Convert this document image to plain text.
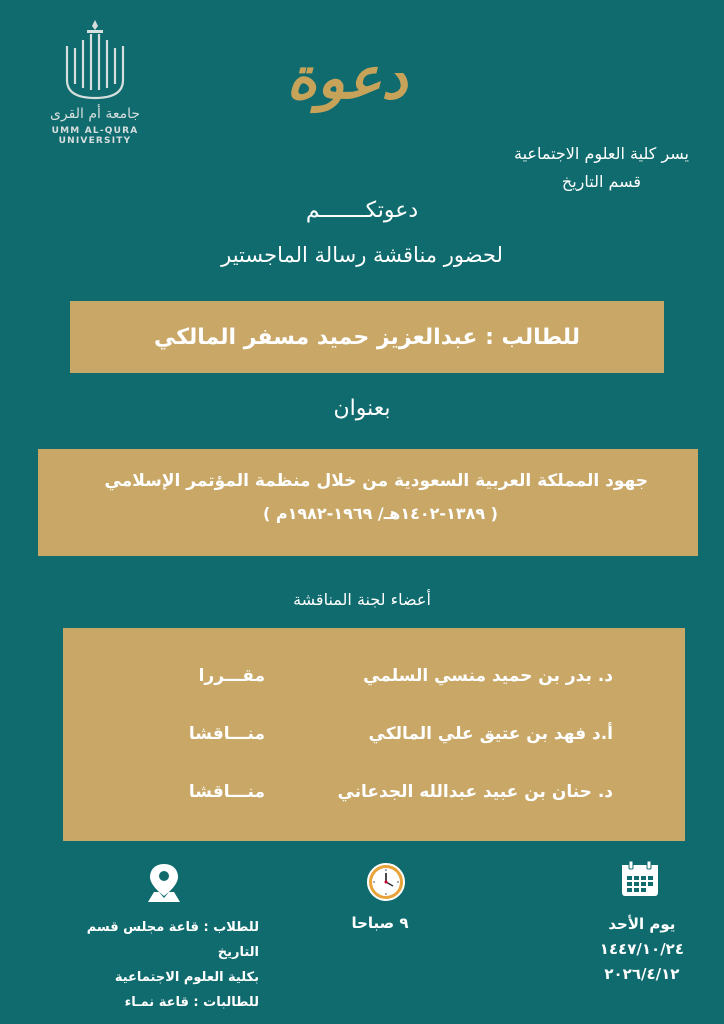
جامعة أم القرى
UMM AL-QURA UNIVERSITY
دعوة
يسر كلية العلوم الاجتماعية
قسم التاريخ
دعوتكـــــــم
لحضور مناقشة رسالة الماجستير
للطالب : عبدالعزيز حميد مسفر المالكي
بعنوان
جهود المملكة العربية السعودية من خلال منظمة المؤتمر الإسلامي
( ١٣٨٩-١٤٠٢هـ/ ١٩٦٩-١٩٨٢م )
أعضاء لجنة المناقشة
د. بدر بن حميد منسي السلمي
مقـــررا
أ.د فهد بن عتيق علي المالكي
منـــاقشا
د. حنان بن عبيد عبدالله الجدعاني
منـــاقشا
يوم الأحد
١٤٤٧/١٠/٢٤
٢٠٢٦/٤/١٢
٩ صباحا
للطلاب : قاعة مجلس قسم التاريخ
بكلية العلوم الاجتماعية
للطالبات : قاعة نمـاء
